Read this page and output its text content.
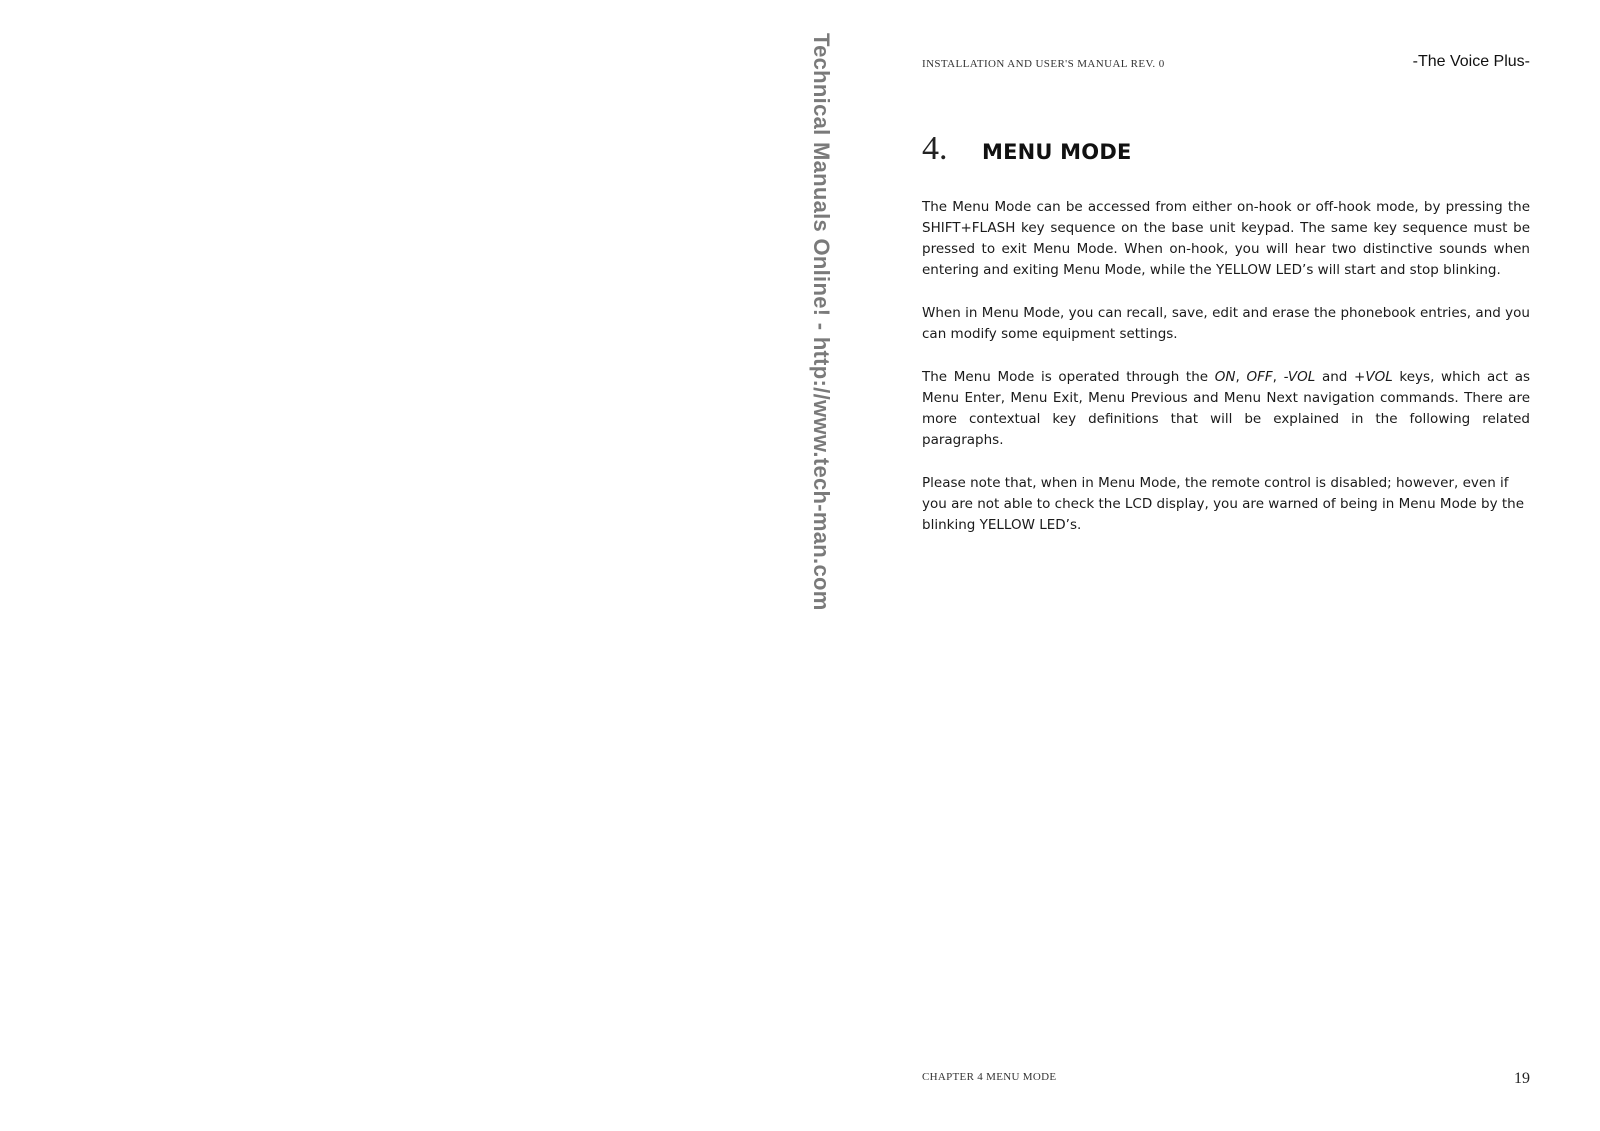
Technical Manuals Online! - http://www.tech-man.com	INSTALLATION AND USER'S MANUAL REV. 0	-The Voice Plus-
4.	MENU MODE

The Menu Mode can be accessed from either on-hook or off-hook mode, by pressing the SHIFT+FLASH key sequence on the base unit keypad. The same key sequence must be pressed to exit Menu Mode. When on-hook, you will hear two distinctive sounds when entering and exiting Menu Mode, while the YELLOW LED’s will start and stop blinking.

When in Menu Mode, you can recall, save, edit and erase the phonebook entries, and you can modify some equipment settings.

The Menu Mode is operated through the ON, OFF, -VOL and +VOL keys, which act as Menu Enter, Menu Exit, Menu Previous and Menu Next navigation commands. There are more contextual key definitions that will be explained in the following related paragraphs.

Please note that, when in Menu Mode, the remote control is disabled; however, even if you are not able to check the LCD display, you are warned of being in Menu Mode by the blinking YELLOW LED’s.

CHAPTER 4 MENU MODE	19
